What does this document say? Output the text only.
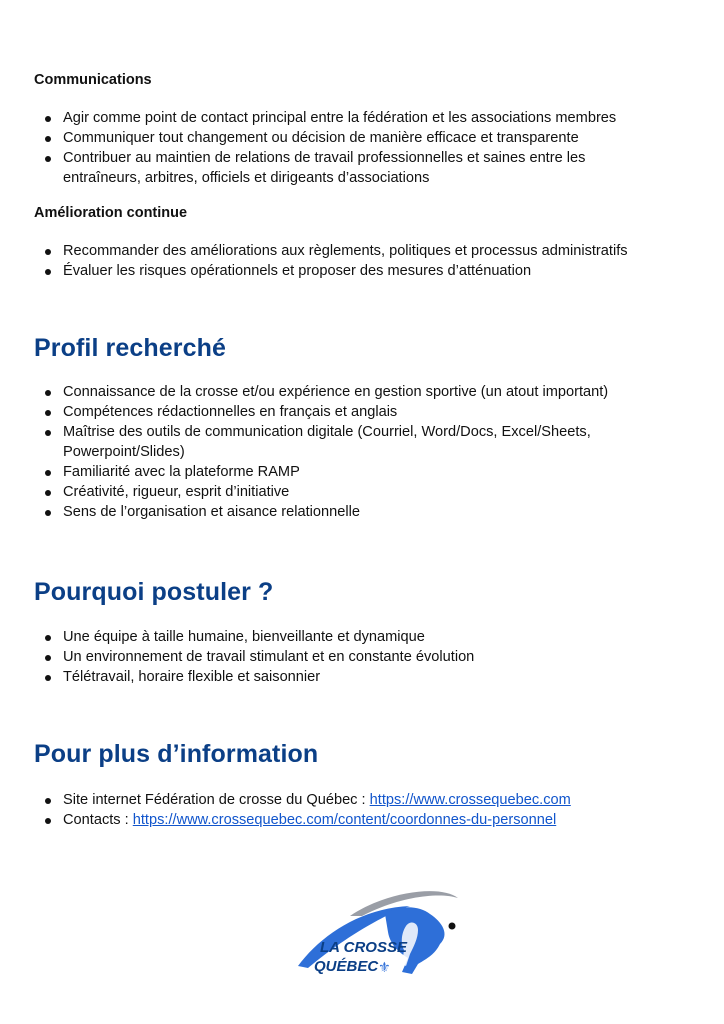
Communications
Agir comme point de contact principal entre la fédération et les associations membres
Communiquer tout changement ou décision de manière efficace et transparente
Contribuer au maintien de relations de travail professionnelles et saines entre les entraîneurs, arbitres, officiels et dirigeants d’associations
Amélioration continue
Recommander des améliorations aux règlements, politiques et processus administratifs
Évaluer les risques opérationnels et proposer des mesures d’atténuation
Profil recherché
Connaissance de la crosse et/ou expérience en gestion sportive (un atout important)
Compétences rédactionnelles en français et anglais
Maîtrise des outils de communication digitale (Courriel, Word/Docs, Excel/Sheets, Powerpoint/Slides)
Familiarité avec la plateforme RAMP
Créativité, rigueur, esprit d’initiative
Sens de l’organisation et aisance relationnelle
Pourquoi postuler ?
Une équipe à taille humaine, bienveillante et dynamique
Un environnement de travail stimulant et en constante évolution
Télétravail, horaire flexible et saisonnier
Pour plus d’information
Site internet Fédération de crosse du Québec : https://www.crossequebec.com
Contacts : https://www.crossequebec.com/content/coordonnes-du-personnel
LA CROSSE
QUÉBEC ⚜
